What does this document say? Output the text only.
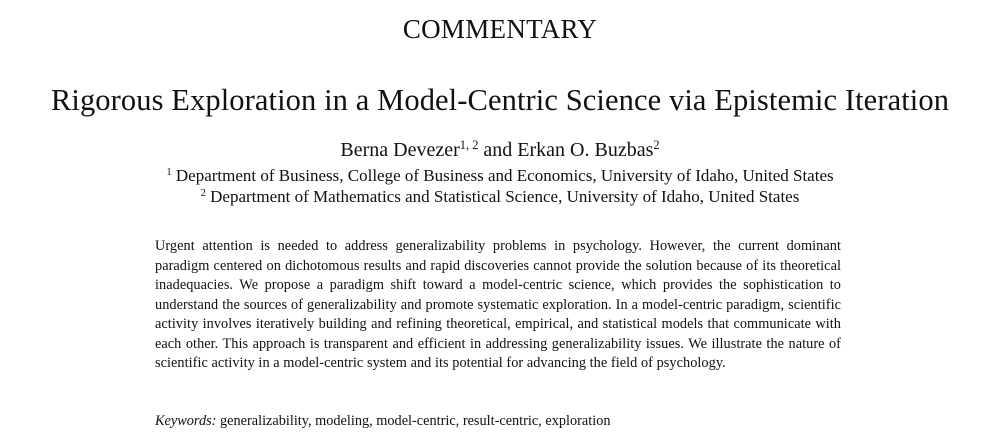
COMMENTARY
Rigorous Exploration in a Model-Centric Science via Epistemic Iteration
Berna Devezer$^{1, 2}$ and Erkan O. Buzbas$^2$
$^1$ Department of Business, College of Business and Economics, University of Idaho, United States
$^2$ Department of Mathematics and Statistical Science, University of Idaho, United States
Urgent attention is needed to address generalizability problems in psychology. However, the current dominant paradigm centered on dichotomous results and rapid discoveries cannot provide the solution because of its theoretical inadequacies. We propose a paradigm shift toward a model-centric science, which provides the sophistication to understand the sources of generalizability and promote systematic exploration. In a model-centric paradigm, scientific activity involves iteratively building and refining theoretical, empirical, and statistical models that communicate with each other. This approach is transparent and efficient in addressing generalizability issues. We illustrate the nature of scientific activity in a model-centric system and its potential for advancing the field of psychology.
Keywords: generalizability, modeling, model-centric, result-centric, exploration
